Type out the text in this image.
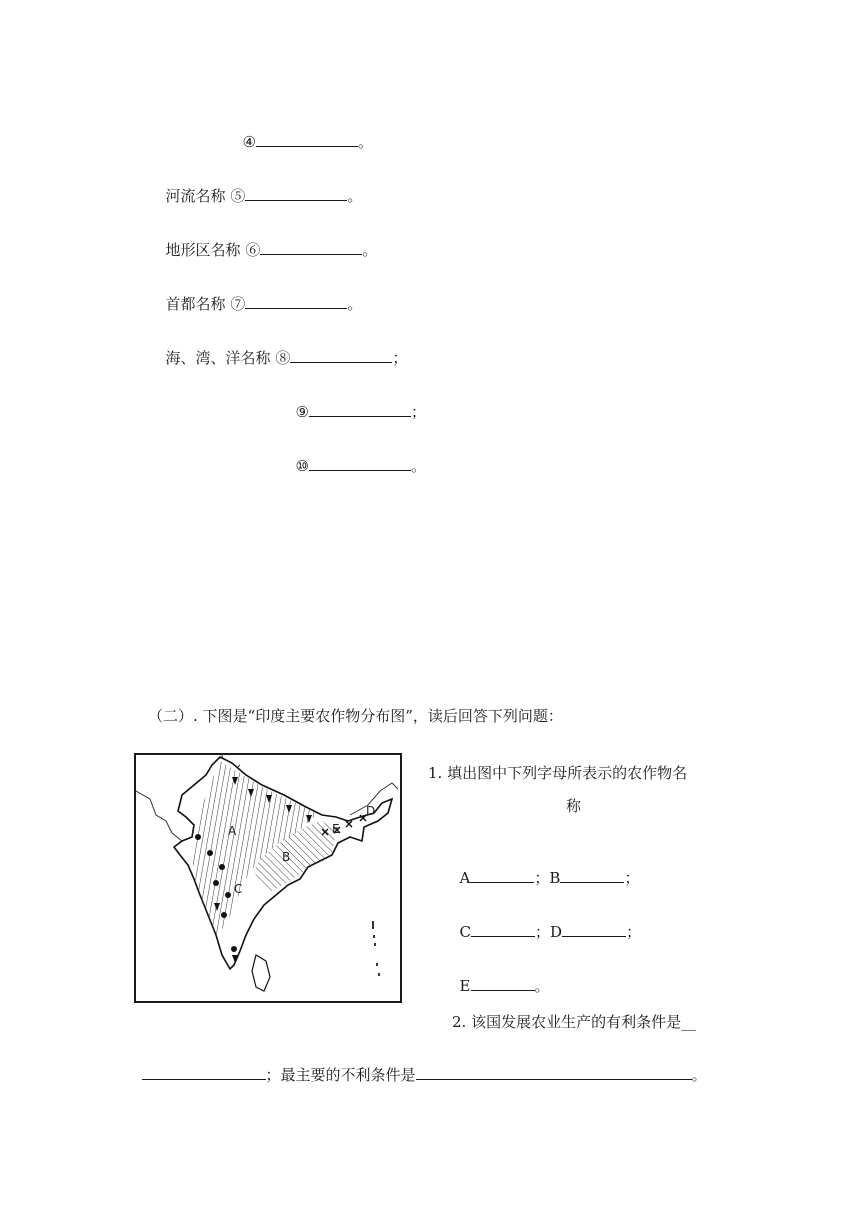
④	。

河流名称 ⑤	。

地形区名称 ⑥	。

首都名称 ⑦	。

海、湾、洋名称 ⑧	；

⑨	；

⑩	。

（二）. 下图是“印度主要农作物分布图”，读后回答下列问题：
A
B
C
D
E
1. 填出图中下列字母所表示的农作物名
称

A	；B	；

C	；D	；

E	。

2. 该国发展农业生产的有利条件是__

；最主要的不利条件是	。
